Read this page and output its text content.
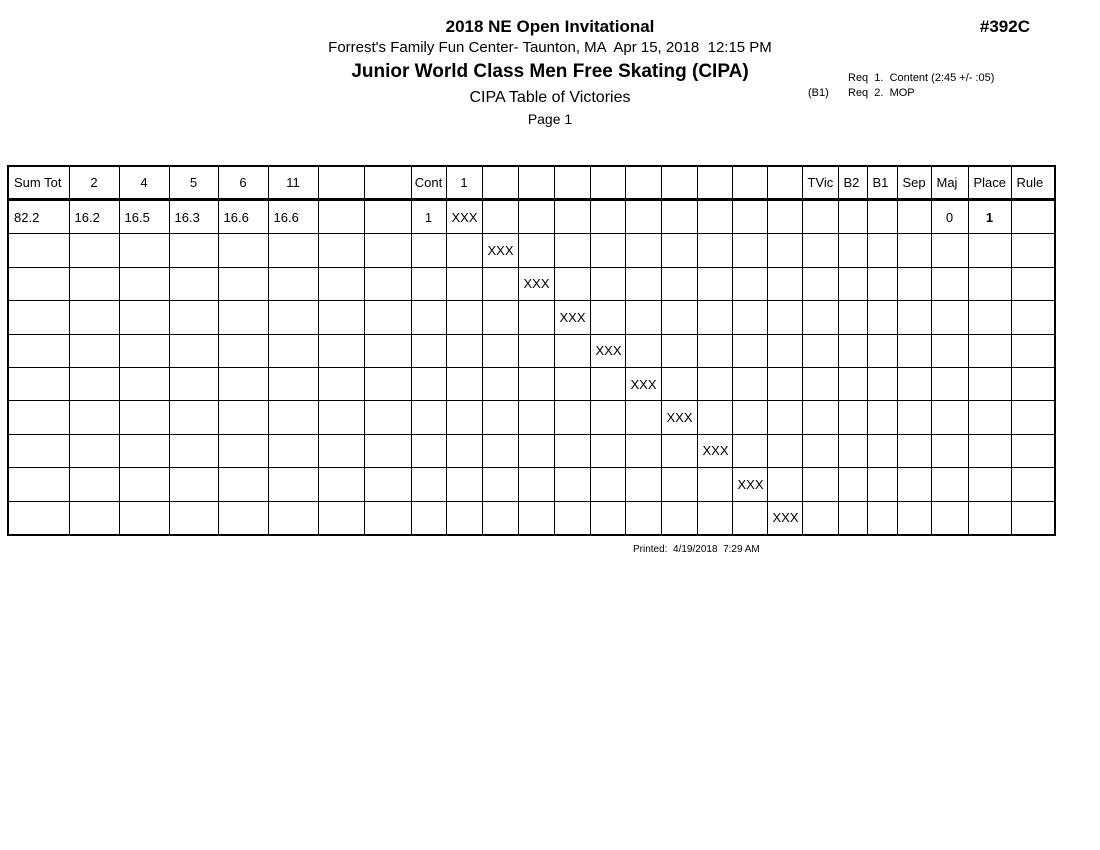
2018 NE Open Invitational	#392C
Forrest's Family Fun Center- Taunton, MA  Apr 15, 2018  12:15 PM
Junior World Class Men Free Skating (CIPA)	Req  1.  Content (2:45 +/- :05)
(B1) Req  2.  MOP
CIPA Table of Victories
Page 1
Sum Tot	2	4	5	6	11			Cont	1										TVic	B2	B1	Sep	Maj	Place	Rule
82.2	16.2	16.5	16.3	16.6	16.6			1	XXX														0	1	
										XXX															
											XXX														
												XXX													
													XXX												
														XXX											
															XXX										
																XXX									
																	XXX								
																		XXX							
Printed:  4/19/2018  7:29 AM
